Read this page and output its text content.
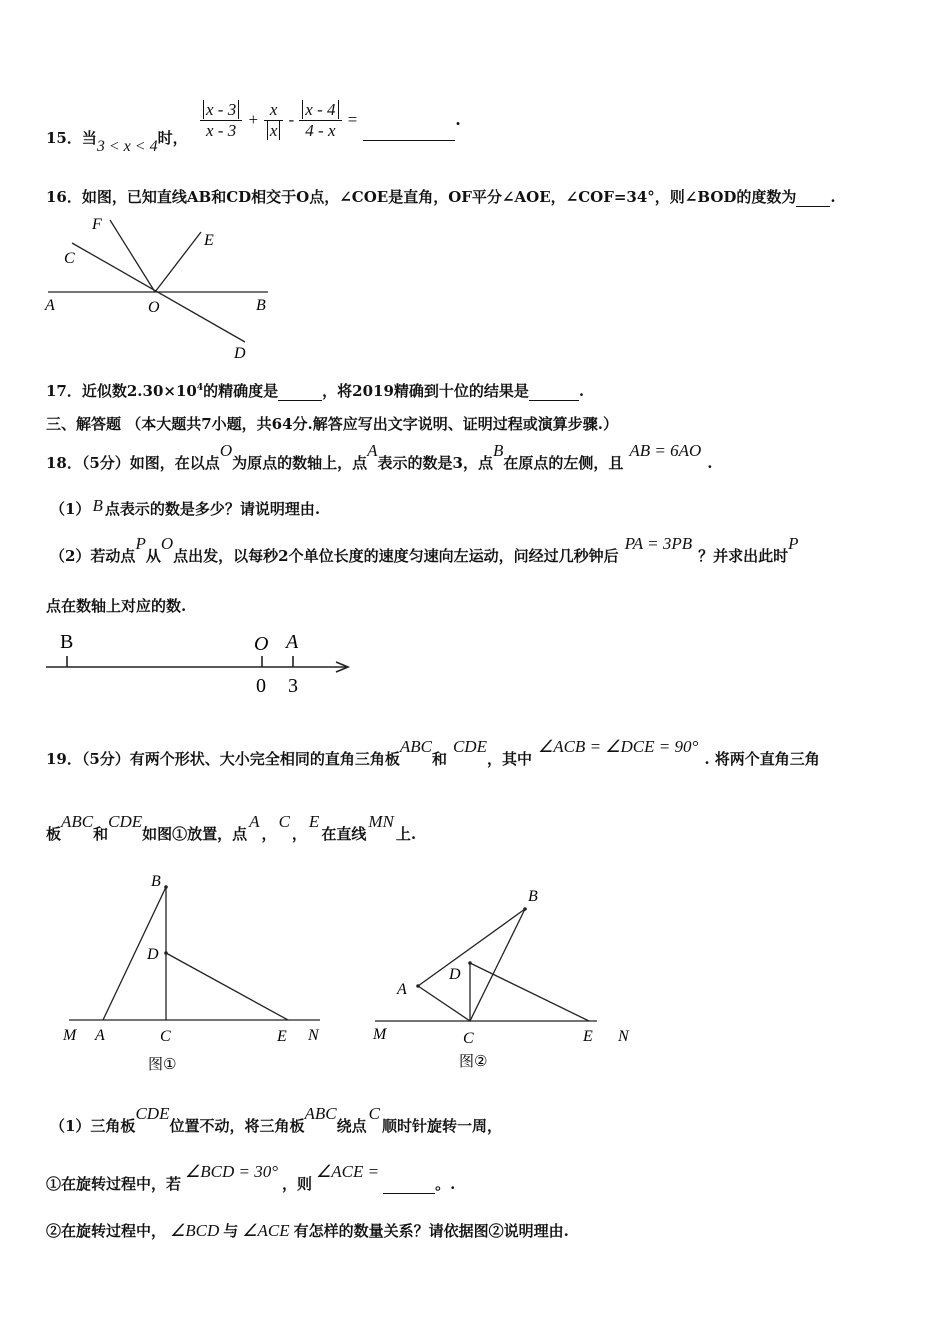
15．当3 < x < 4时， $\frac{x - 3}{x - 3} + \frac{x}{x} - \frac{x - 4}{4 - x}$ =	.
16．如图，已知直线AB和CD相交于O点，∠COE是直角，OF平分∠AOE，∠COF=34°，则∠BOD的度数为 .
F
E
C
A	O	B
D
17．近似数$2.30\times 10^4$的精确度是	，将2019精确到十位的结果是	.
三、解答题 （本大题共7小题，共64分.解答应写出文字说明、证明过程或演算步骤.）
18．（5分）如图，在以点O为原点的数轴上，点A表示的数是3，点B在原点的左侧，且AB = 6AO.
（1） B 点表示的数是多少？请说明理由.
（2）若动点P从O点出发，以每秒2个单位长度的速度匀速向左运动，问经过几秒钟后PA = 3PB？并求出此时P
点在数轴上对应的数.
B	O A
0 3
19．（5分）有两个形状、大小完全相同的直角三角板ABC和CDE，其中∠ACB = ∠DCE = 90°. 将两个直角三角
板ABC和CDE如图①放置，点A，C，E在直线MN上.
B
D
M A	C	E N
图①
B
D
A
M	C	E N
图②
（1）三角板CDE位置不动，将三角板ABC绕点C顺时针旋转一周，
①在旋转过程中，若∠BCD = 30°，则∠ACE =。.
②在旋转过程中， ∠BCD 与 ∠ACE 有怎样的数量关系？请依据图②说明理由.
